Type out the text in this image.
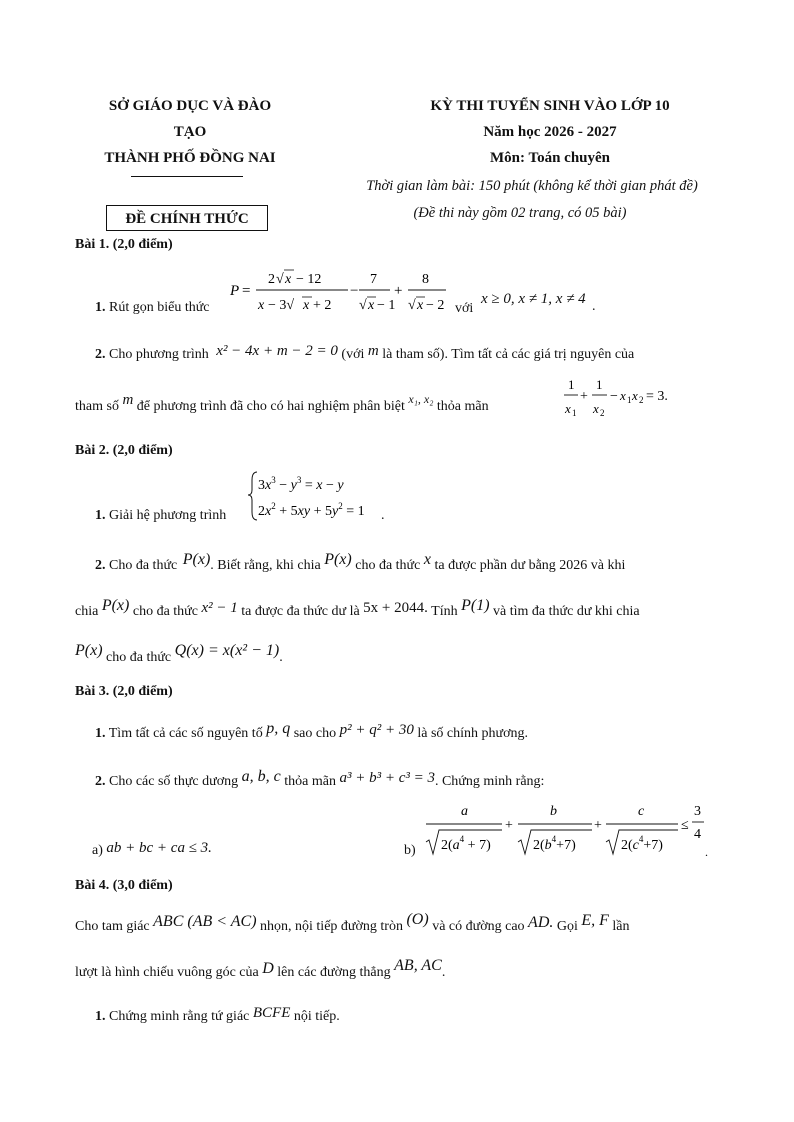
SỞ GIÁO DỤC VÀ ĐÀO
TẠO
THÀNH PHỐ ĐỒNG NAI
ĐỀ CHÍNH THỨC
KỲ THI TUYỂN SINH VÀO LỚP 10
Năm học 2026 - 2027
Môn: Toán chuyên
Thời gian làm bài: 150 phút (không kể thời gian phát đề)
(Đề thi này gồm 02 trang, có 05 bài)
Bài 1. (2,0 điểm)
P =
2 √ x − 12
x − 3√ x + 2
−
7
√ x − 1
+
8
√ x − 2
1. Rút gọn biểu thức	với
x ≥ 0, x ≠ 1, x ≠ 4 .
2. Cho phương trình x² − 4x + m − 2 = 0 (với m là tham số). Tìm tất cả các giá trị nguyên của
tham số m để phương trình đã cho có hai nghiệm phân biệt x₁, x₂ thỏa mãn
1
x 1
+
1
x 2
− x 1 x 2 = 3.
Bài 2. (2,0 điểm)
$3x^3 - y^3 = x - y$
$2x^2 + 5xy + 5y^2 = 1$
1. Giải hệ phương trình	.
2. Cho đa thức P(x). Biết rằng, khi chia P(x) cho đa thức x ta được phần dư bằng 2026 và khi
chia P(x) cho đa thức x² − 1 ta được đa thức dư là 5x + 2044. Tính P(1) và tìm đa thức dư khi chia
P(x) cho đa thức Q(x) = x(x² − 1).
Bài 3. (2,0 điểm)
1. Tìm tất cả các số nguyên tố p, q sao cho p² + q² + 30 là số chính phương.
2. Cho các số thực dương a, b, c thỏa mãn a³ + b³ + c³ = 3. Chứng minh rằng:
a) ab + bc + ca ≤ 3.	b)
a
$2(a^4 + 7)$
+
b
$2(b^4+7)$
+
c
$2(c^4+7)$
≤
3
4
.
Bài 4. (3,0 điểm)
Cho tam giác ABC (AB < AC) nhọn, nội tiếp đường tròn (O) và có đường cao AD. Gọi E, F lần
lượt là hình chiếu vuông góc của D lên các đường thẳng AB, AC.
1. Chứng minh rằng tứ giác BCFE nội tiếp.
